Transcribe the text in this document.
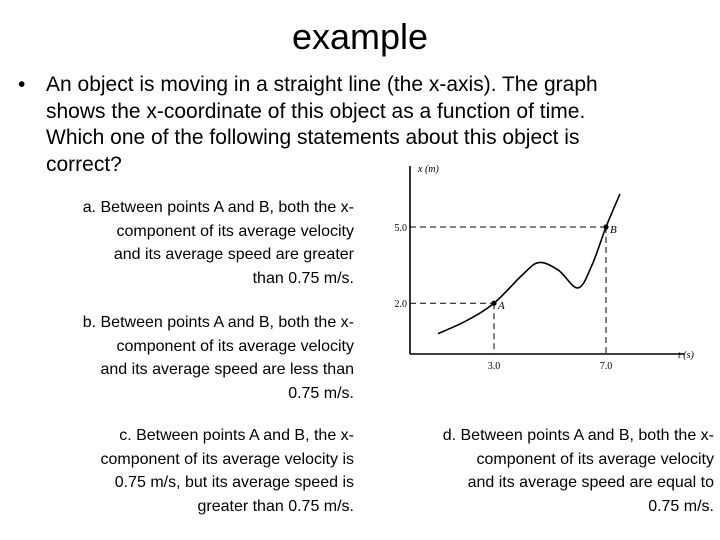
example
• An object is moving in a straight line (the x-axis). The graph
shows the x-coordinate of this object as a function of time.
Which one of the following statements about this object is
correct?
a. Between points A and B, both the x-
component of its average velocity
and its average speed are greater
than 0.75 m/s.
b. Between points A and B, both the x-
component of its average velocity
and its average speed are less than
0.75 m/s.
c. Between points A and B, the x-
component of its average velocity is
0.75 m/s, but its average speed is
greater than 0.75 m/s.
d. Between points A and B, both the x-
component of its average velocity
and its average speed are equal to
0.75 m/s.
x (m)
t (s)
5.0
2.0
3.0	7.0
A
B
